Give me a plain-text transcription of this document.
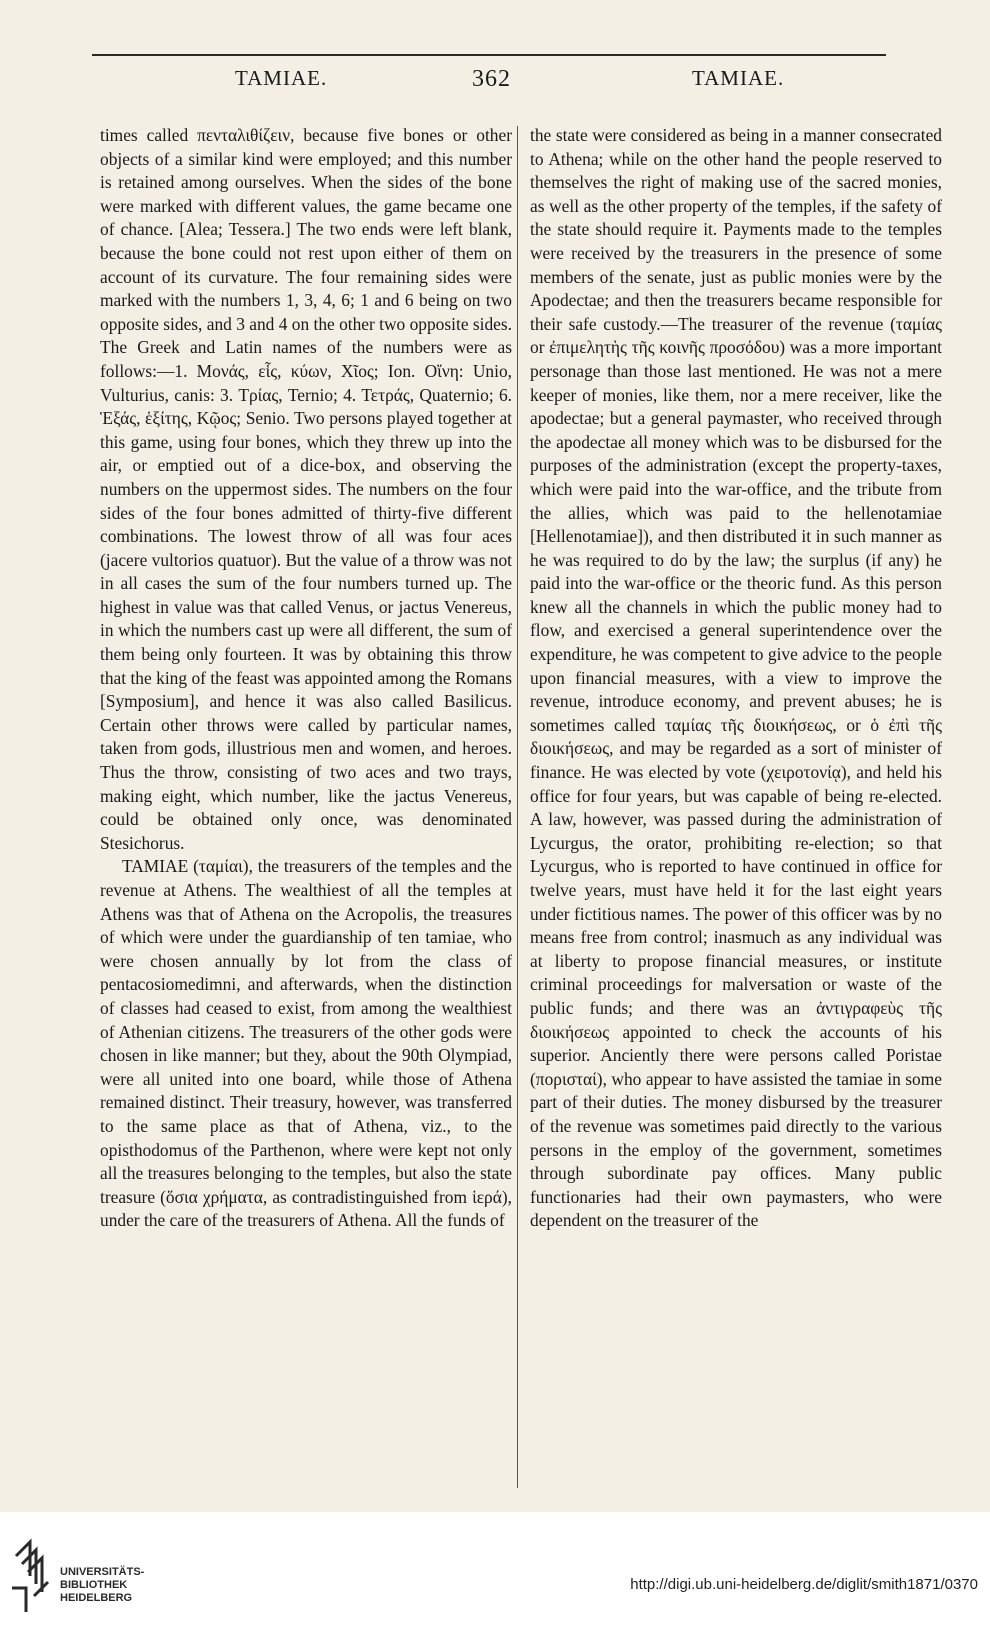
TAMIAE.	362	TAMIAE.

times called πενταλιθίζειν, because five bones or other objects of a similar kind were employed; and this number is retained among ourselves. When the sides of the bone were marked with different values, the game became one of chance. [Alea; Tessera.] The two ends were left blank, because the bone could not rest upon either of them on account of its curvature. The four remaining sides were marked with the numbers 1, 3, 4, 6; 1 and 6 being on two opposite sides, and 3 and 4 on the other two opposite sides. The Greek and Latin names of the numbers were as follows:—1. Μονάς, εἷς, κύων, Χῖος; Ion. Οἴνη: Unio, Vulturius, canis: 3. Τρίας, Ternio; 4. Τετράς, Quaternio; 6. Ἑξάς, ἑξίτης, Κῷος; Senio. Two persons played together at this game, using four bones, which they threw up into the air, or emptied out of a dice-box, and observing the numbers on the uppermost sides. The numbers on the four sides of the four bones admitted of thirty-five different combinations. The lowest throw of all was four aces (jacere vultorios quatuor). But the value of a throw was not in all cases the sum of the four numbers turned up. The highest in value was that called Venus, or jactus Venereus, in which the numbers cast up were all different, the sum of them being only fourteen. It was by obtaining this throw that the king of the feast was appointed among the Romans [Symposium], and hence it was also called Basilicus. Certain other throws were called by particular names, taken from gods, illustrious men and women, and heroes. Thus the throw, consisting of two aces and two trays, making eight, which number, like the jactus Venereus, could be obtained only once, was denominated Stesichorus.

TAMIAE (ταμίαι), the treasurers of the temples and the revenue at Athens. The wealthiest of all the temples at Athens was that of Athena on the Acropolis, the treasures of which were under the guardianship of ten tamiae, who were chosen annually by lot from the class of pentacosiomedimni, and afterwards, when the distinction of classes had ceased to exist, from among the wealthiest of Athenian citizens. The treasurers of the other gods were chosen in like manner; but they, about the 90th Olympiad, were all united into one board, while those of Athena remained distinct. Their treasury, however, was transferred to the same place as that of Athena, viz., to the opisthodomus of the Parthenon, where were kept not only all the treasures belonging to the temples, but also the state treasure (ὅσια χρήματα, as contradistinguished from ἱερά), under the care of the treasurers of Athena. All the funds of

the state were considered as being in a manner consecrated to Athena; while on the other hand the people reserved to themselves the right of making use of the sacred monies, as well as the other property of the temples, if the safety of the state should require it. Payments made to the temples were received by the treasurers in the presence of some members of the senate, just as public monies were by the Apodectae; and then the treasurers became responsible for their safe custody.—The treasurer of the revenue (ταμίας or ἐπιμελητὴς τῆς κοινῆς προσόδου) was a more important personage than those last mentioned. He was not a mere keeper of monies, like them, nor a mere receiver, like the apodectae; but a general paymaster, who received through the apodectae all money which was to be disbursed for the purposes of the administration (except the property-taxes, which were paid into the war-office, and the tribute from the allies, which was paid to the hellenotamiae [Hellenotamiae]), and then distributed it in such manner as he was required to do by the law; the surplus (if any) he paid into the war-office or the theoric fund. As this person knew all the channels in which the public money had to flow, and exercised a general superintendence over the expenditure, he was competent to give advice to the people upon financial measures, with a view to improve the revenue, introduce economy, and prevent abuses; he is sometimes called ταμίας τῆς διοικήσεως, or ὁ ἐπὶ τῆς διοικήσεως, and may be regarded as a sort of minister of finance. He was elected by vote (χειροτονίᾳ), and held his office for four years, but was capable of being re-elected. A law, however, was passed during the administration of Lycurgus, the orator, prohibiting re-election; so that Lycurgus, who is reported to have continued in office for twelve years, must have held it for the last eight years under fictitious names. The power of this officer was by no means free from control; inasmuch as any individual was at liberty to propose financial measures, or institute criminal proceedings for malversation or waste of the public funds; and there was an ἀντιγραφεὺς τῆς διοικήσεως appointed to check the accounts of his superior. Anciently there were persons called Poristae (πορισταί), who appear to have assisted the tamiae in some part of their duties. The money disbursed by the treasurer of the revenue was sometimes paid directly to the various persons in the employ of the government, sometimes through subordinate pay offices. Many public functionaries had their own paymasters, who were dependent on the treasurer of the

UNIVERSITÄTS-
BIBLIOTHEK
HEIDELBERG
http://digi.ub.uni-heidelberg.de/diglit/smith1871/0370
